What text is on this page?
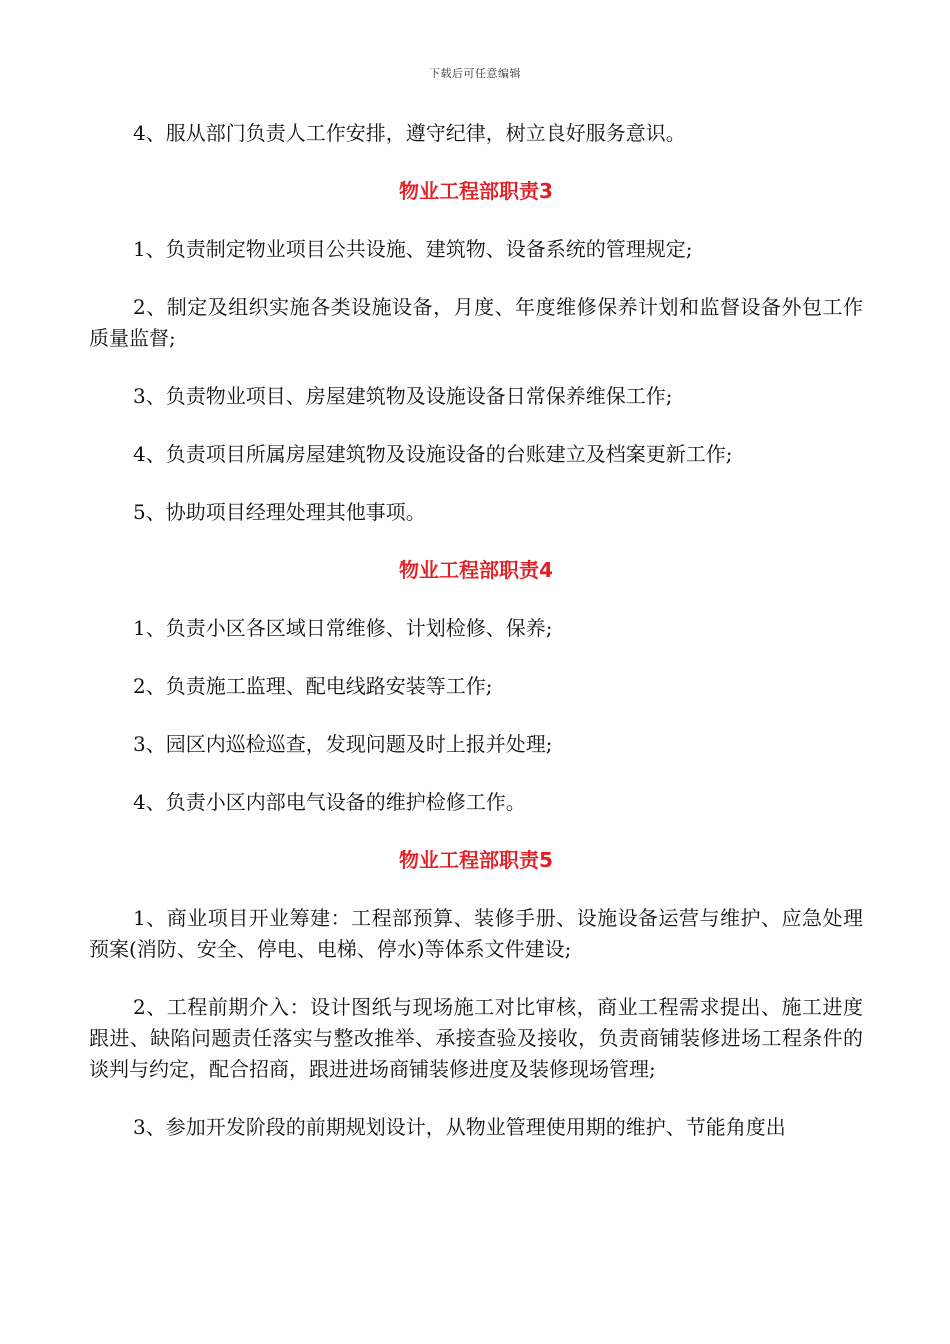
下载后可任意编辑

4、服从部门负责人工作安排，遵守纪律，树立良好服务意识。

物业工程部职责3

1、负责制定物业项目公共设施、建筑物、设备系统的管理规定;

2、制定及组织实施各类设施设备，月度、年度维修保养计划和监督设备外包工作质量监督;

3、负责物业项目、房屋建筑物及设施设备日常保养维保工作;

4、负责项目所属房屋建筑物及设施设备的台账建立及档案更新工作;

5、协助项目经理处理其他事项。

物业工程部职责4

1、负责小区各区域日常维修、计划检修、保养;

2、负责施工监理、配电线路安装等工作;

3、园区内巡检巡查，发现问题及时上报并处理;

4、负责小区内部电气设备的维护检修工作。

物业工程部职责5

1、商业项目开业筹建：工程部预算、装修手册、设施设备运营与维护、应急处理预案(消防、安全、停电、电梯、停水)等体系文件建设;

2、工程前期介入：设计图纸与现场施工对比审核，商业工程需求提出、施工进度跟进、缺陷问题责任落实与整改推举、承接查验及接收，负责商铺装修进场工程条件的谈判与约定，配合招商，跟进进场商铺装修进度及装修现场管理;

3、参加开发阶段的前期规划设计，从物业管理使用期的维护、节能角度出
